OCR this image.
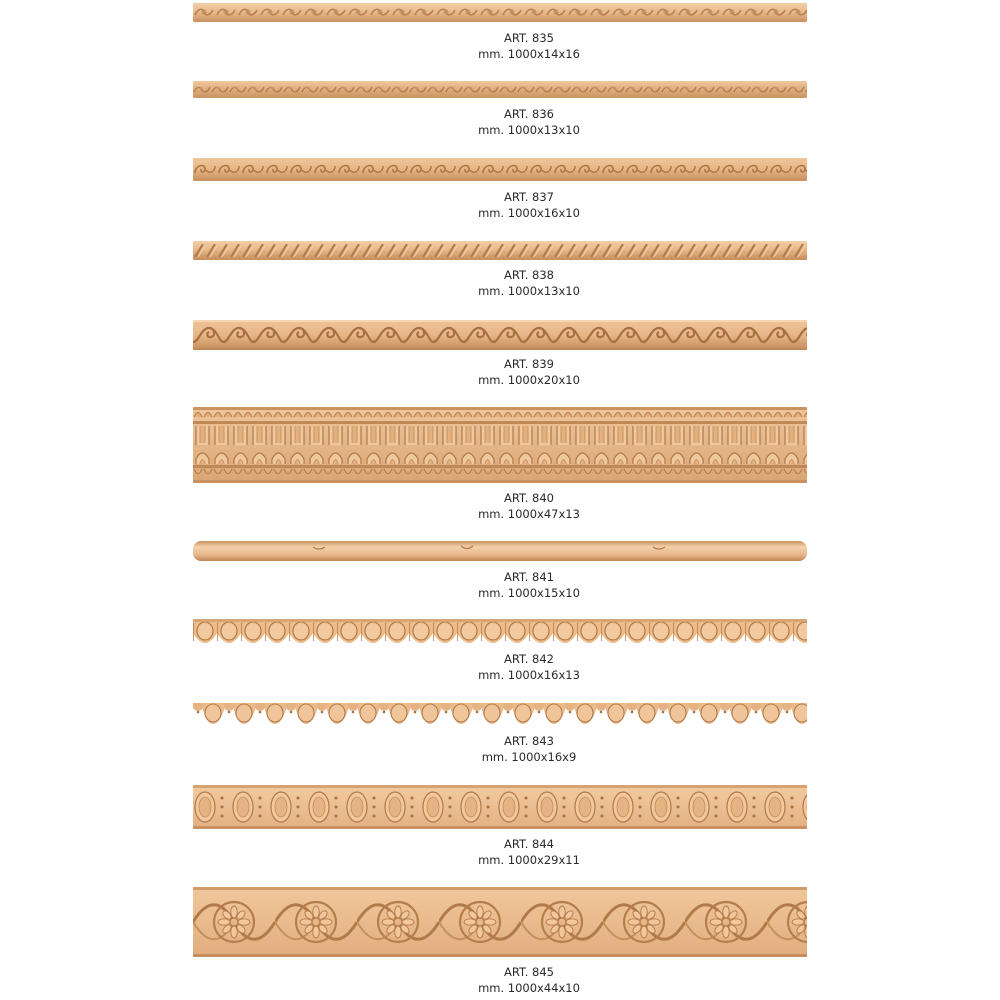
ART. 835
mm. 1000x14x16
ART. 836
mm. 1000x13x10
ART. 837
mm. 1000x16x10
ART. 838
mm. 1000x13x10
ART. 839
mm. 1000x20x10
ART. 840
mm. 1000x47x13
ART. 841
mm. 1000x15x10
ART. 842
mm. 1000x16x13
ART. 843
mm. 1000x16x9
ART. 844
mm. 1000x29x11
ART. 845
mm. 1000x44x10
